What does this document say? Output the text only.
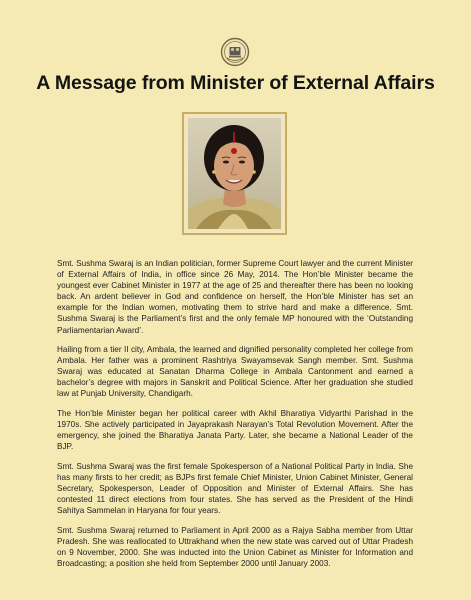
A Message from Minister of External Affairs

Smt. Sushma Swaraj is an Indian politician, former Supreme Court lawyer and the current Minister of External Affairs of India, in office since 26 May, 2014. The Hon’ble Minister became the youngest ever Cabinet Minister in 1977 at the age of 25 and thereafter there has been no looking back. An ardent believer in God and confidence on herself, the Hon’ble Minister has set an example for the Indian women, motivating them to strive hard and make a difference. Smt. Sushma Swaraj is the Parliament’s first and the only female MP honoured with the ‘Outstanding Parliamentarian Award’.

Hailing from a tier II city, Ambala, the learned and dignified personality completed her college from Ambala. Her father was a prominent Rashtriya Swayamsevak Sangh member. Smt. Sushma Swaraj was educated at Sanatan Dharma College in Ambala Cantonment and earned a bachelor’s degree with majors in Sanskrit and Political Science. After her graduation she studied law at Punjab University, Chandigarh.

The Hon’ble Minister began her political career with Akhil Bharatiya Vidyarthi Parishad in the 1970s. She actively participated in Jayaprakash Narayan’s Total Revolution Movement. After the emergency, she joined the Bharatiya Janata Party. Later, she became a National Leader of the BJP.

Smt. Sushma Swaraj was the first female Spokesperson of a National Political Party in India. She has many firsts to her credit; as BJPs first female Chief Minister, Union Cabinet Minister, General Secretary, Spokesperson, Leader of Opposition and Minister of External Affairs. She has contested 11 direct elections from four states. She has served as the President of the Hindi Sahitya Sammelan in Haryana for four years.

Smt. Sushma Swaraj returned to Parliament in April 2000 as a Rajya Sabha member from Uttar Pradesh. She was reallocated to Uttrakhand when the new state was carved out of Uttar Pradesh on 9 November, 2000. She was inducted into the Union Cabinet as Minister for Information and Broadcasting; a position she held from September 2000 until January 2003.
